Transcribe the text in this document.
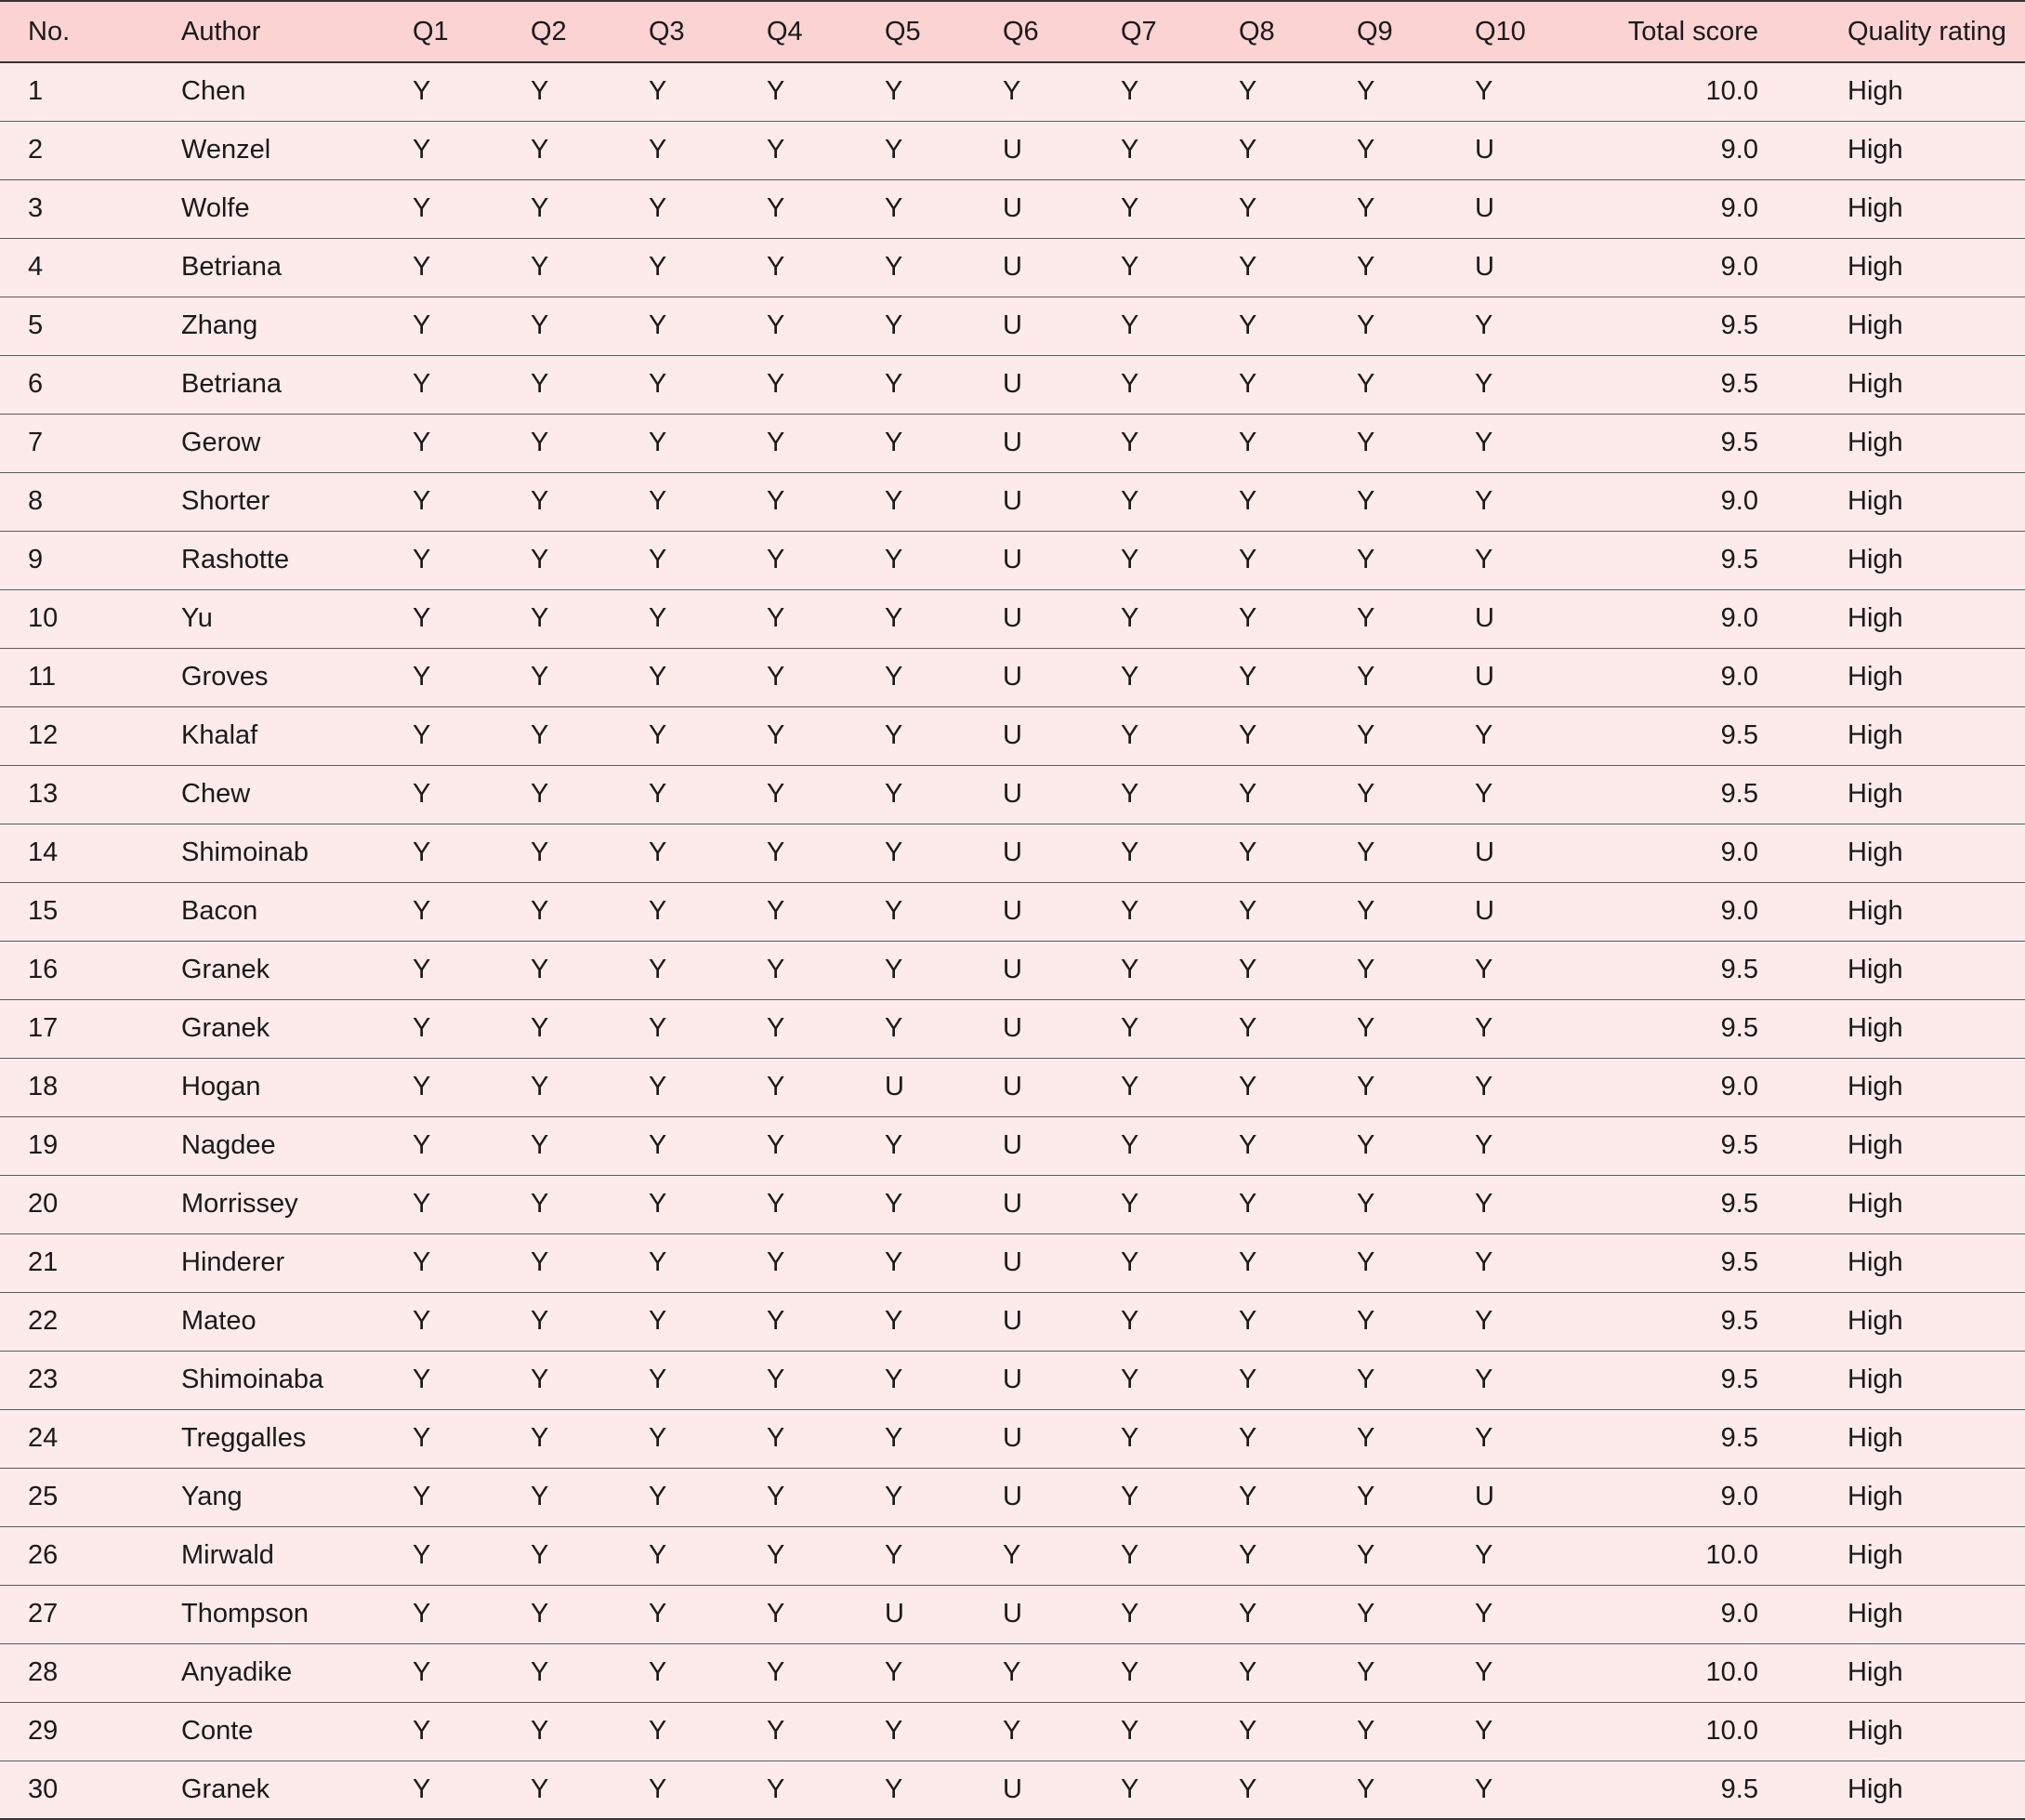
No.	Author	Q1	Q2	Q3	Q4	Q5	Q6	Q7	Q8	Q9	Q10	Total score	Quality rating
1	Chen	Y	Y	Y	Y	Y	Y	Y	Y	Y	Y	10.0	High
2	Wenzel	Y	Y	Y	Y	Y	U	Y	Y	Y	U	9.0	High
3	Wolfe	Y	Y	Y	Y	Y	U	Y	Y	Y	U	9.0	High
4	Betriana	Y	Y	Y	Y	Y	U	Y	Y	Y	U	9.0	High
5	Zhang	Y	Y	Y	Y	Y	U	Y	Y	Y	Y	9.5	High
6	Betriana	Y	Y	Y	Y	Y	U	Y	Y	Y	Y	9.5	High
7	Gerow	Y	Y	Y	Y	Y	U	Y	Y	Y	Y	9.5	High
8	Shorter	Y	Y	Y	Y	Y	U	Y	Y	Y	Y	9.0	High
9	Rashotte	Y	Y	Y	Y	Y	U	Y	Y	Y	Y	9.5	High
10	Yu	Y	Y	Y	Y	Y	U	Y	Y	Y	U	9.0	High
11	Groves	Y	Y	Y	Y	Y	U	Y	Y	Y	U	9.0	High
12	Khalaf	Y	Y	Y	Y	Y	U	Y	Y	Y	Y	9.5	High
13	Chew	Y	Y	Y	Y	Y	U	Y	Y	Y	Y	9.5	High
14	Shimoinab	Y	Y	Y	Y	Y	U	Y	Y	Y	U	9.0	High
15	Bacon	Y	Y	Y	Y	Y	U	Y	Y	Y	U	9.0	High
16	Granek	Y	Y	Y	Y	Y	U	Y	Y	Y	Y	9.5	High
17	Granek	Y	Y	Y	Y	Y	U	Y	Y	Y	Y	9.5	High
18	Hogan	Y	Y	Y	Y	U	U	Y	Y	Y	Y	9.0	High
19	Nagdee	Y	Y	Y	Y	Y	U	Y	Y	Y	Y	9.5	High
20	Morrissey	Y	Y	Y	Y	Y	U	Y	Y	Y	Y	9.5	High
21	Hinderer	Y	Y	Y	Y	Y	U	Y	Y	Y	Y	9.5	High
22	Mateo	Y	Y	Y	Y	Y	U	Y	Y	Y	Y	9.5	High
23	Shimoinaba	Y	Y	Y	Y	Y	U	Y	Y	Y	Y	9.5	High
24	Treggalles	Y	Y	Y	Y	Y	U	Y	Y	Y	Y	9.5	High
25	Yang	Y	Y	Y	Y	Y	U	Y	Y	Y	U	9.0	High
26	Mirwald	Y	Y	Y	Y	Y	Y	Y	Y	Y	Y	10.0	High
27	Thompson	Y	Y	Y	Y	U	U	Y	Y	Y	Y	9.0	High
28	Anyadike	Y	Y	Y	Y	Y	Y	Y	Y	Y	Y	10.0	High
29	Conte	Y	Y	Y	Y	Y	Y	Y	Y	Y	Y	10.0	High
30	Granek	Y	Y	Y	Y	Y	U	Y	Y	Y	Y	9.5	High
